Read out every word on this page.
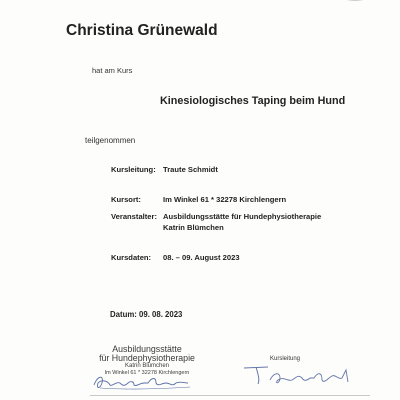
Christina Grünewald
hat am Kurs
Kinesiologisches Taping beim Hund
teilgenommen
Kursleitung: Traute Schmidt
Kursort:	Im Winkel 61 * 32278 Kirchlengern
Veranstalter: Ausbildungsstätte für Hundephysiotherapie
Katrin Blümchen
Kursdaten: 08. – 09. August 2023
Datum: 09. 08. 2023
Ausbildungsstätte
für Hundephysiotherapie
Katrin Blümchen
Im Winkel 61 * 32278 Kirchlengern
Kursleitung
